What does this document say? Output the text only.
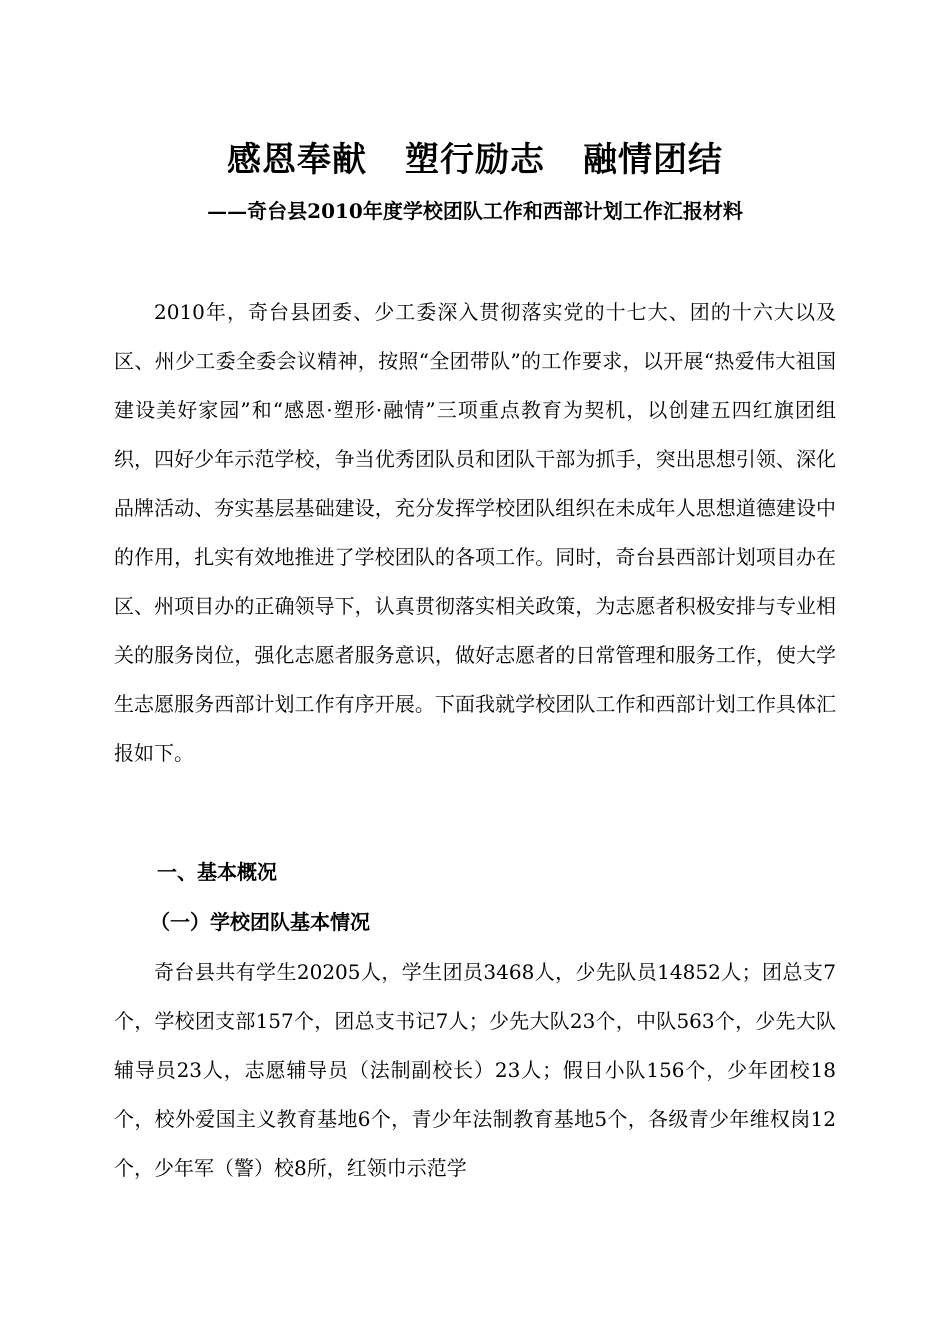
感恩奉献 塑行励志 融情团结
——奇台县2010年度学校团队工作和西部计划工作汇报材料

2010年，奇台县团委、少工委深入贯彻落实党的十七大、团的十六大以及区、州少工委全委会议精神，按照“全团带队”的工作要求，以开展“热爱伟大祖国建设美好家园”和“感恩·塑形·融情”三项重点教育为契机，以创建五四红旗团组织，四好少年示范学校，争当优秀团队员和团队干部为抓手，突出思想引领、深化品牌活动、夯实基层基础建设，充分发挥学校团队组织在未成年人思想道德建设中的作用，扎实有效地推进了学校团队的各项工作。同时，奇台县西部计划项目办在区、州项目办的正确领导下，认真贯彻落实相关政策，为志愿者积极安排与专业相关的服务岗位，强化志愿者服务意识，做好志愿者的日常管理和服务工作，使大学生志愿服务西部计划工作有序开展。下面我就学校团队工作和西部计划工作具体汇报如下。

一、基本概况

（一）学校团队基本情况

奇台县共有学生20205人，学生团员3468人，少先队员14852人；团总支7个，学校团支部157个，团总支书记7人；少先大队23个，中队563个，少先大队辅导员23人，志愿辅导员（法制副校长）23人；假日小队156个，少年团校18个，校外爱国主义教育基地6个，青少年法制教育基地5个，各级青少年维权岗12个，少年军（警）校8所，红领巾示范学
